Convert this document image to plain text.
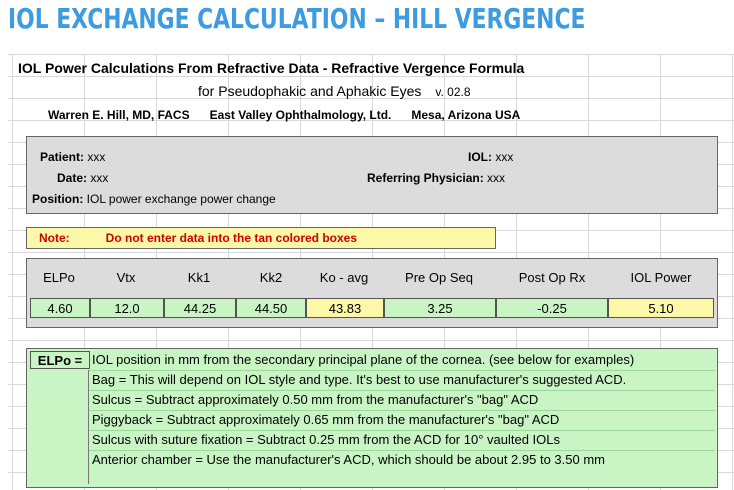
IOL EXCHANGE CALCULATION – HILL VERGENCE
IOL Power Calculations From Refractive Data - Refractive Vergence Formula
for Pseudophakic and Aphakic Eyes v. 02.8
Warren E. Hill, MD, FACS East Valley Ophthalmology, Ltd. Mesa, Arizona USA
Patient: xxx
Date: xxx
Position: IOL power exchange power change
IOL: xxx
Referring Physician: xxx
Note:	Do not enter data into the tan colored boxes
ELPo	Vtx	Kk1	Kk2	Ko - avg	Pre Op Seq	Post Op Rx	IOL Power
4.60	12.0	44.25	44.50	43.83	3.25	-0.25	5.10
ELPo = IOL position in mm from the secondary principal plane of the cornea. (see below for examples)
Bag = This will depend on IOL style and type. It's best to use manufacturer's suggested ACD.
Sulcus = Subtract approximately 0.50 mm from the manufacturer's "bag" ACD
Piggyback = Subtract approximately 0.65 mm from the manufacturer's "bag" ACD
Sulcus with suture fixation = Subtract 0.25 mm from the ACD for 10° vaulted IOLs
Anterior chamber = Use the manufacturer's ACD, which should be about 2.95 to 3.50 mm
